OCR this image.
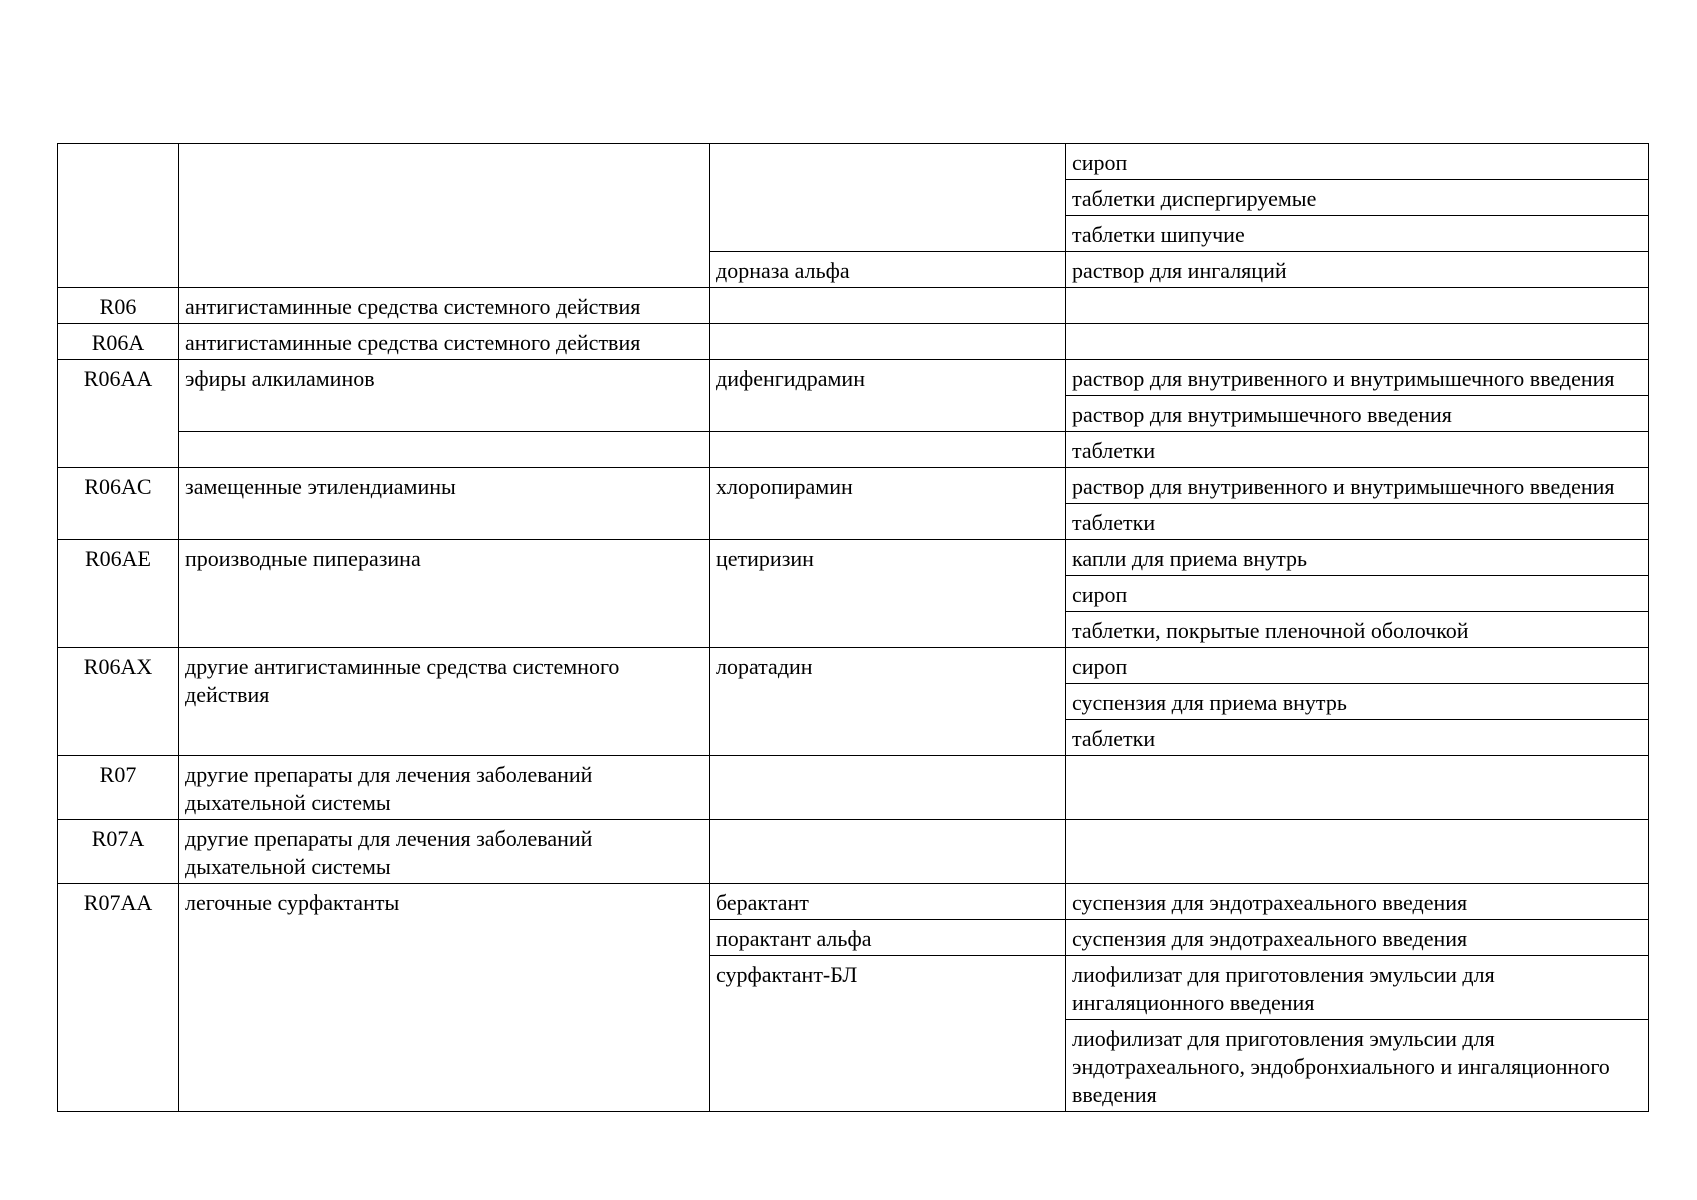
			сироп
			таблетки диспергируемые
			таблетки шипучие
		дорназа альфа	раствор для ингаляций
R06	антигистаминные средства системного действия		
R06A	антигистаминные средства системного действия		
R06AA	эфиры алкиламинов	дифенгидрамин	раствор для внутривенного и внутримышечного введения
			раствор для внутримышечного введения
			таблетки
R06AC	замещенные этилендиамины	хлоропирамин	раствор для внутривенного и внутримышечного введения
			таблетки
R06AE	производные пиперазина	цетиризин	капли для приема внутрь
			сироп
			таблетки, покрытые пленочной оболочкой
R06AX	другие антигистаминные средства системного действия	лоратадин	сироп
			суспензия для приема внутрь
			таблетки
R07	другие препараты для лечения заболеваний дыхательной системы		
R07A	другие препараты для лечения заболеваний дыхательной системы		
R07AA	легочные сурфактанты	берактант	суспензия для эндотрахеального введения
		порактант альфа	суспензия для эндотрахеального введения
		сурфактант-БЛ	лиофилизат для приготовления эмульсии для ингаляционного введения
			лиофилизат для приготовления эмульсии для эндотрахеального, эндобронхиального и ингаляционного введения
